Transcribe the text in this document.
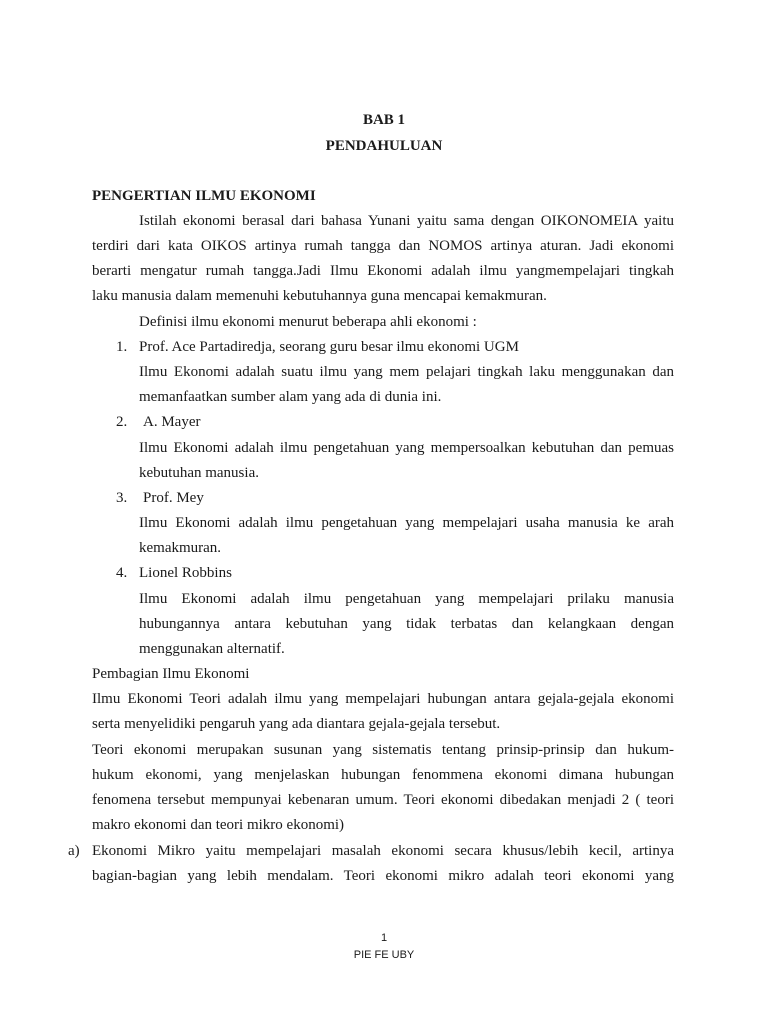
BAB 1
PENDAHULUAN
PENGERTIAN ILMU EKONOMI
Istilah ekonomi berasal dari bahasa Yunani yaitu sama dengan OIKONOMEIA yaitu
terdiri dari kata OIKOS artinya rumah tangga dan NOMOS artinya aturan. Jadi ekonomi
berarti mengatur rumah tangga.Jadi Ilmu Ekonomi adalah ilmu yangmempelajari tingkah
laku manusia dalam memenuhi kebutuhannya guna mencapai kemakmuran.
Definisi ilmu ekonomi menurut beberapa ahli ekonomi :
1. Prof. Ace Partadiredja, seorang guru besar ilmu ekonomi UGM
Ilmu Ekonomi adalah suatu ilmu yang mem pelajari tingkah laku menggunakan dan
memanfaatkan sumber alam yang ada di dunia ini.
2. A. Mayer
Ilmu Ekonomi adalah ilmu pengetahuan yang mempersoalkan kebutuhan dan pemuas
kebutuhan manusia.
3. Prof. Mey
Ilmu Ekonomi adalah ilmu pengetahuan yang mempelajari usaha manusia ke arah
kemakmuran.
4. Lionel Robbins
Ilmu Ekonomi adalah ilmu pengetahuan yang mempelajari prilaku manusia
hubungannya antara kebutuhan yang tidak terbatas dan kelangkaan dengan
menggunakan alternatif.
Pembagian Ilmu Ekonomi
Ilmu Ekonomi Teori adalah ilmu yang mempelajari hubungan antara gejala-gejala ekonomi
serta menyelidiki pengaruh yang ada diantara gejala-gejala tersebut.
Teori ekonomi merupakan susunan yang sistematis tentang prinsip-prinsip dan hukum-
hukum ekonomi, yang menjelaskan hubungan fenommena ekonomi dimana hubungan
fenomena tersebut mempunyai kebenaran umum. Teori ekonomi dibedakan menjadi 2 ( teori
makro ekonomi dan teori mikro ekonomi)
a) Ekonomi Mikro yaitu mempelajari masalah ekonomi secara khusus/lebih kecil, artinya
bagian-bagian yang lebih mendalam. Teori ekonomi mikro adalah teori ekonomi yang
1
PIE FE UBY
